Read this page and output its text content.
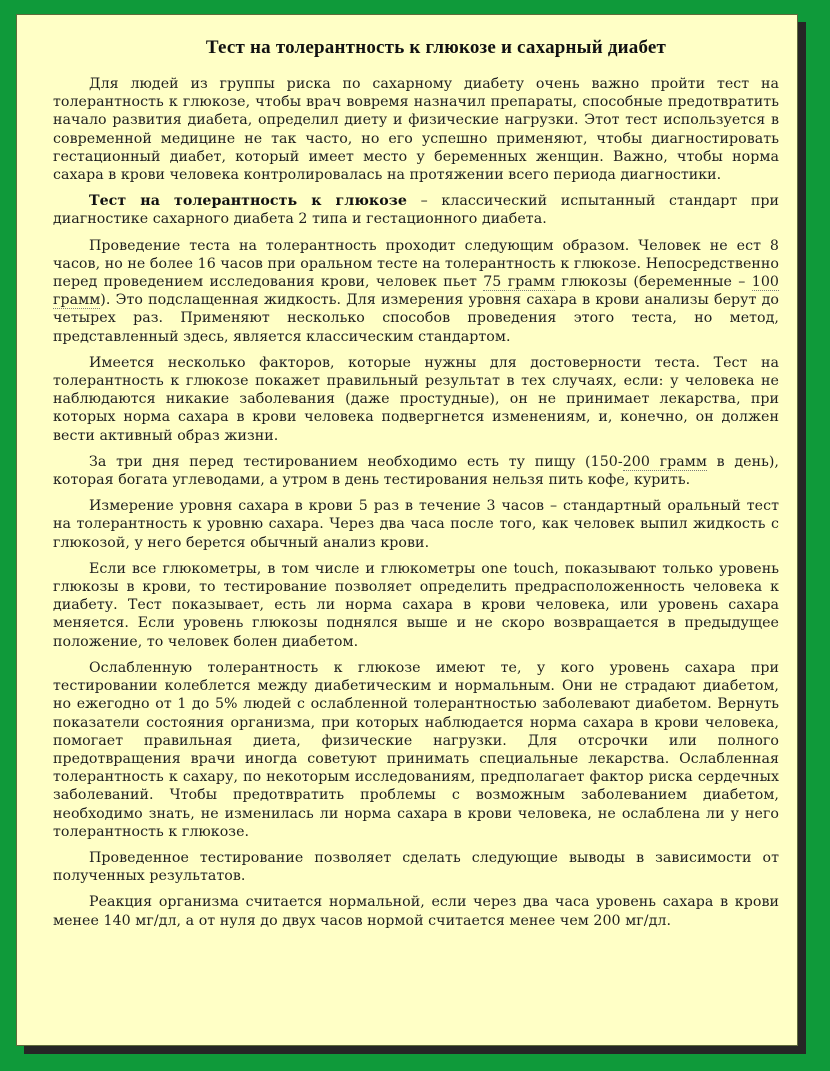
Тест на толерантность к глюкозе и сахарный диабет

Для людей из группы риска по сахарному диабету очень важно пройти тест на толерантность к глюкозе, чтобы врач вовремя назначил препараты, способные предотвратить начало развития диабета, определил диету и физические нагрузки. Этот тест используется в современной медицине не так часто, но его успешно применяют, чтобы диагностировать гестационный диабет, который имеет место у беременных женщин. Важно, чтобы норма сахара в крови человека контролировалась на протяжении всего периода диагностики.

Тест на толерантность к глюкозе – классический испытанный стандарт при диагностике сахарного диабета 2 типа и гестационного диабета.

Проведение теста на толерантность проходит следующим образом. Человек не ест 8 часов, но не более 16 часов при оральном тесте на толерантность к глюкозе. Непосредственно перед проведением исследования крови, человек пьет 75 грамм глюкозы (беременные – 100 грамм). Это подслащенная жидкость. Для измерения уровня сахара в крови анализы берут до четырех раз. Применяют несколько способов проведения этого теста, но метод, представленный здесь, является классическим стандартом.

Имеется несколько факторов, которые нужны для достоверности теста. Тест на толерантность к глюкозе покажет правильный результат в тех случаях, если: у человека не наблюдаются никакие заболевания (даже простудные), он не принимает лекарства, при которых норма сахара в крови человека подвергнется изменениям, и, конечно, он должен вести активный образ жизни.

За три дня перед тестированием необходимо есть ту пищу (150-200 грамм в день), которая богата углеводами, а утром в день тестирования нельзя пить кофе, курить.

Измерение уровня сахара в крови 5 раз в течение 3 часов – стандартный оральный тест на толерантность к уровню сахара. Через два часа после того, как человек выпил жидкость с глюкозой, у него берется обычный анализ крови.

Если все глюкометры, в том числе и глюкометры one touch, показывают только уровень глюкозы в крови, то тестирование позволяет определить предрасположенность человека к диабету. Тест показывает, есть ли норма сахара в крови человека, или уровень сахара меняется. Если уровень глюкозы поднялся выше и не скоро возвращается в предыдущее положение, то человек болен диабетом.

Ослабленную толерантность к глюкозе имеют те, у кого уровень сахара при тестировании колеблется между диабетическим и нормальным. Они не страдают диабетом, но ежегодно от 1 до 5% людей с ослабленной толерантностью заболевают диабетом. Вернуть показатели состояния организма, при которых наблюдается норма сахара в крови человека, помогает правильная диета, физические нагрузки. Для отсрочки или полного предотвращения врачи иногда советуют принимать специальные лекарства. Ослабленная толерантность к сахару, по некоторым исследованиям, предполагает фактор риска сердечных заболеваний. Чтобы предотвратить проблемы с возможным заболеванием диабетом, необходимо знать, не изменилась ли норма сахара в крови человека, не ослаблена ли у него толерантность к глюкозе.

Проведенное тестирование позволяет сделать следующие выводы в зависимости от полученных результатов.

Реакция организма считается нормальной, если через два часа уровень сахара в крови менее 140 мг/дл, а от нуля до двух часов нормой считается менее чем 200 мг/дл.
